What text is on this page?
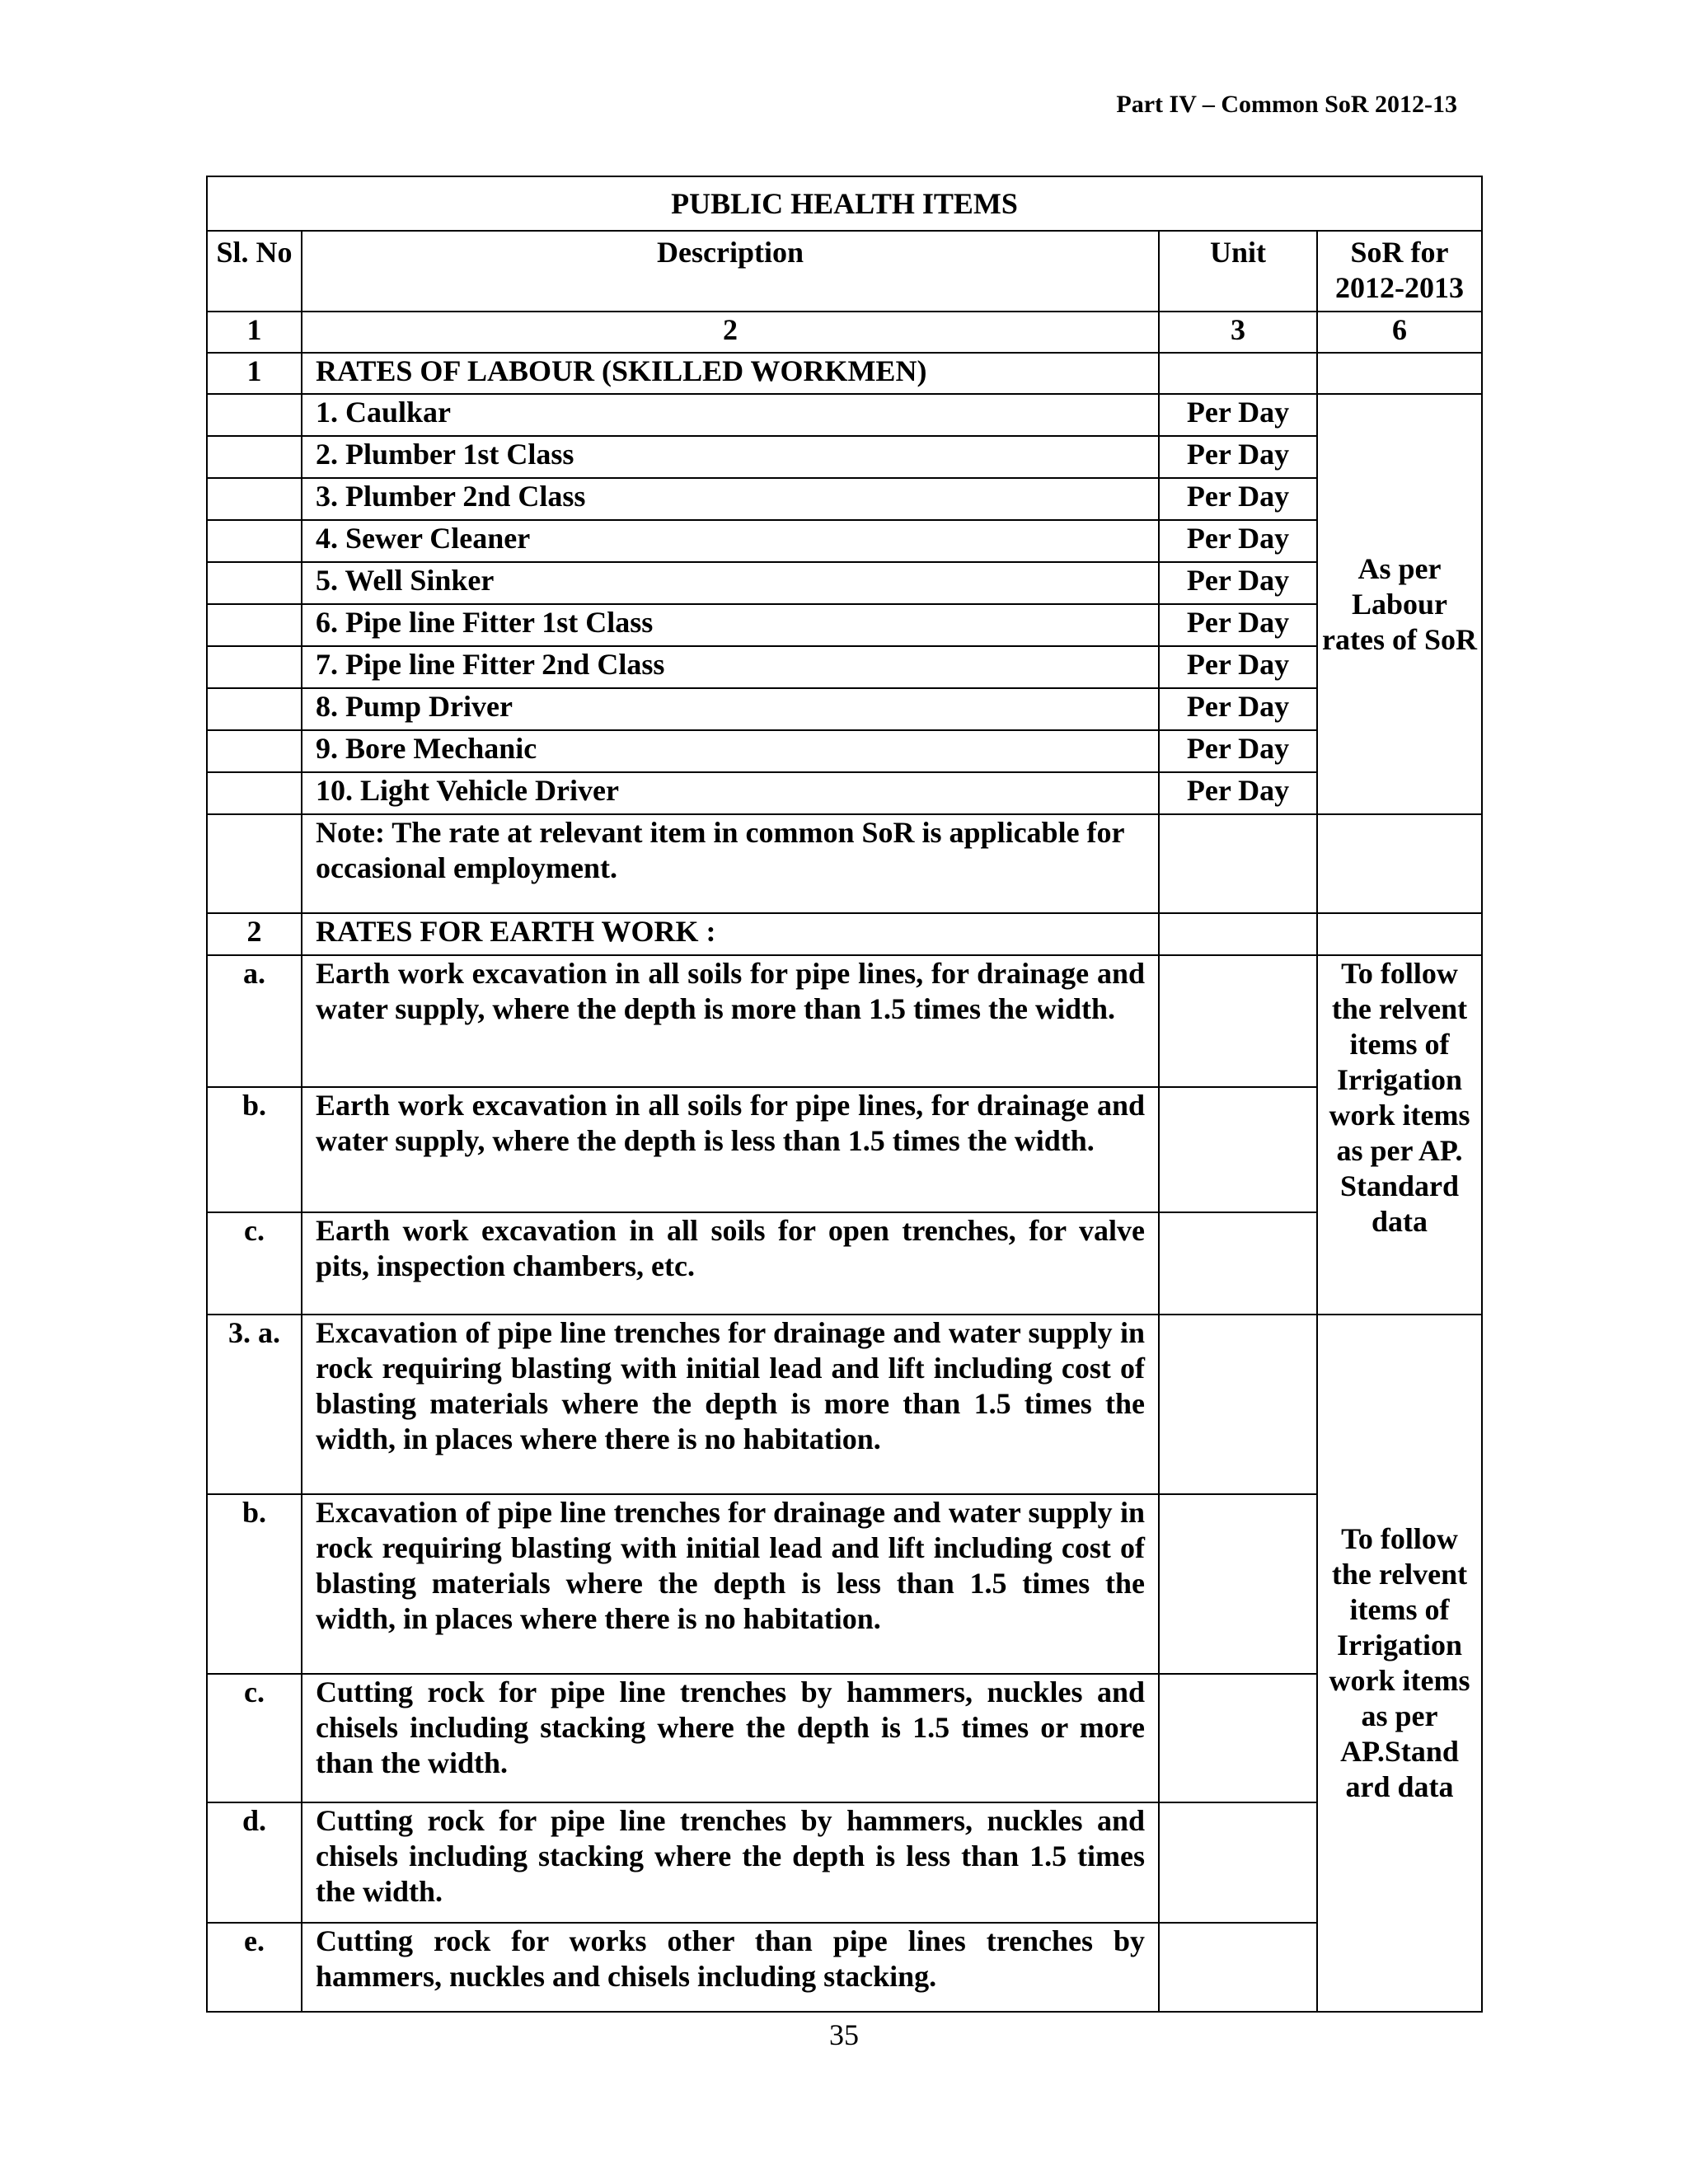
Part IV – Common SoR 2012-13
PUBLIC HEALTH ITEMS			
Sl. No	Description	Unit	SoR for 2012-2013
1	2	3	6
1	RATES OF LABOUR (SKILLED WORKMEN)		
	1. Caulkar	Per Day	As per Labour rates of SoR
	2. Plumber 1st Class	Per Day	
	3. Plumber 2nd Class	Per Day	
	4. Sewer Cleaner	Per Day	
	5. Well Sinker	Per Day	
	6. Pipe line Fitter 1st Class	Per Day	
	7. Pipe line Fitter 2nd Class	Per Day	
	8. Pump Driver	Per Day	
	9. Bore Mechanic	Per Day	
	10. Light Vehicle Driver	Per Day	
	Note: The rate at relevant item in common SoR is applicable for occasional employment.		
2	RATES FOR EARTH WORK :		
a.	Earth work excavation in all soils for pipe lines, for drainage and water supply, where the depth is more than 1.5 times the width.		To follow the relvent items of Irrigation work items as per AP. Standard data
b.	Earth work excavation in all soils for pipe lines, for drainage and water supply, where the depth is less than 1.5 times the width.		
c.	Earth work excavation in all soils for open trenches, for valve pits, inspection chambers, etc.		
3. a.	Excavation of pipe line trenches for drainage and water supply in rock requiring blasting with initial lead and lift including cost of blasting materials where the depth is more than 1.5 times the width, in places where there is no habitation.		To follow the relvent items of Irrigation work items as per AP.Stand ard data
b.	Excavation of pipe line trenches for drainage and water supply in rock requiring blasting with initial lead and lift including cost of blasting materials where the depth is less than 1.5 times the width, in places where there is no habitation.		
c.	Cutting rock for pipe line trenches by hammers, nuckles and chisels including stacking where the depth is 1.5 times or more than the width.		
d.	Cutting rock for pipe line trenches by hammers, nuckles and chisels including stacking where the depth is less than 1.5 times the width.		
e.	Cutting rock for works other than pipe lines trenches by hammers, nuckles and chisels including stacking.		
35
